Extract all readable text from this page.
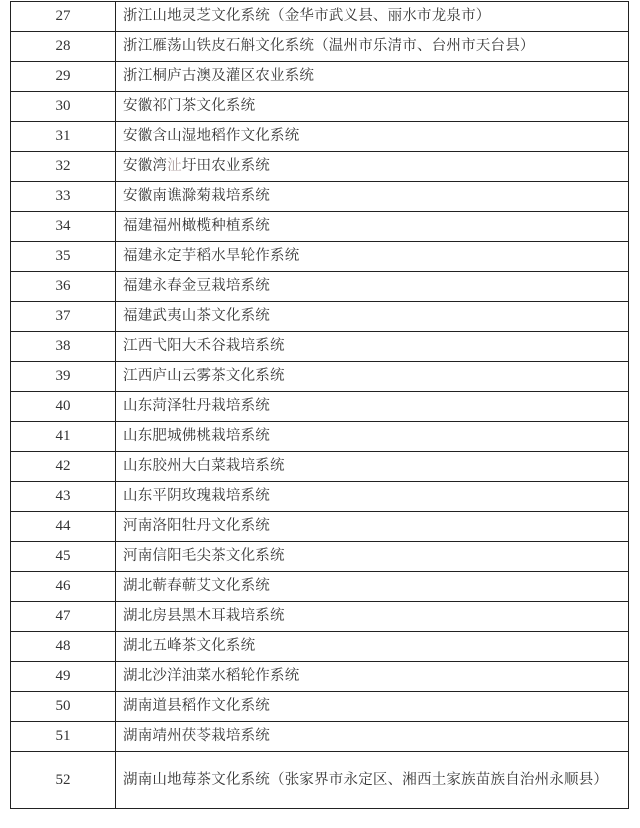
27	浙江山地灵芝文化系统（金华市武义县、丽水市龙泉市）
28	浙江雁荡山铁皮石斛文化系统（温州市乐清市、台州市天台县）
29	浙江桐庐古澳及灌区农业系统
30	安徽祁门茶文化系统
31	安徽含山湿地稻作文化系统
32	安徽湾沚圩田农业系统
33	安徽南谯滁菊栽培系统
34	福建福州橄榄种植系统
35	福建永定芋稻水旱轮作系统
36	福建永春金豆栽培系统
37	福建武夷山茶文化系统
38	江西弋阳大禾谷栽培系统
39	江西庐山云雾茶文化系统
40	山东菏泽牡丹栽培系统
41	山东肥城佛桃栽培系统
42	山东胶州大白菜栽培系统
43	山东平阴玫瑰栽培系统
44	河南洛阳牡丹文化系统
45	河南信阳毛尖茶文化系统
46	湖北蕲春蕲艾文化系统
47	湖北房县黑木耳栽培系统
48	湖北五峰茶文化系统
49	湖北沙洋油菜水稻轮作系统
50	湖南道县稻作文化系统
51	湖南靖州茯苓栽培系统
52	湖南山地莓茶文化系统（张家界市永定区、湘西土家族苗族自治州永顺县）
